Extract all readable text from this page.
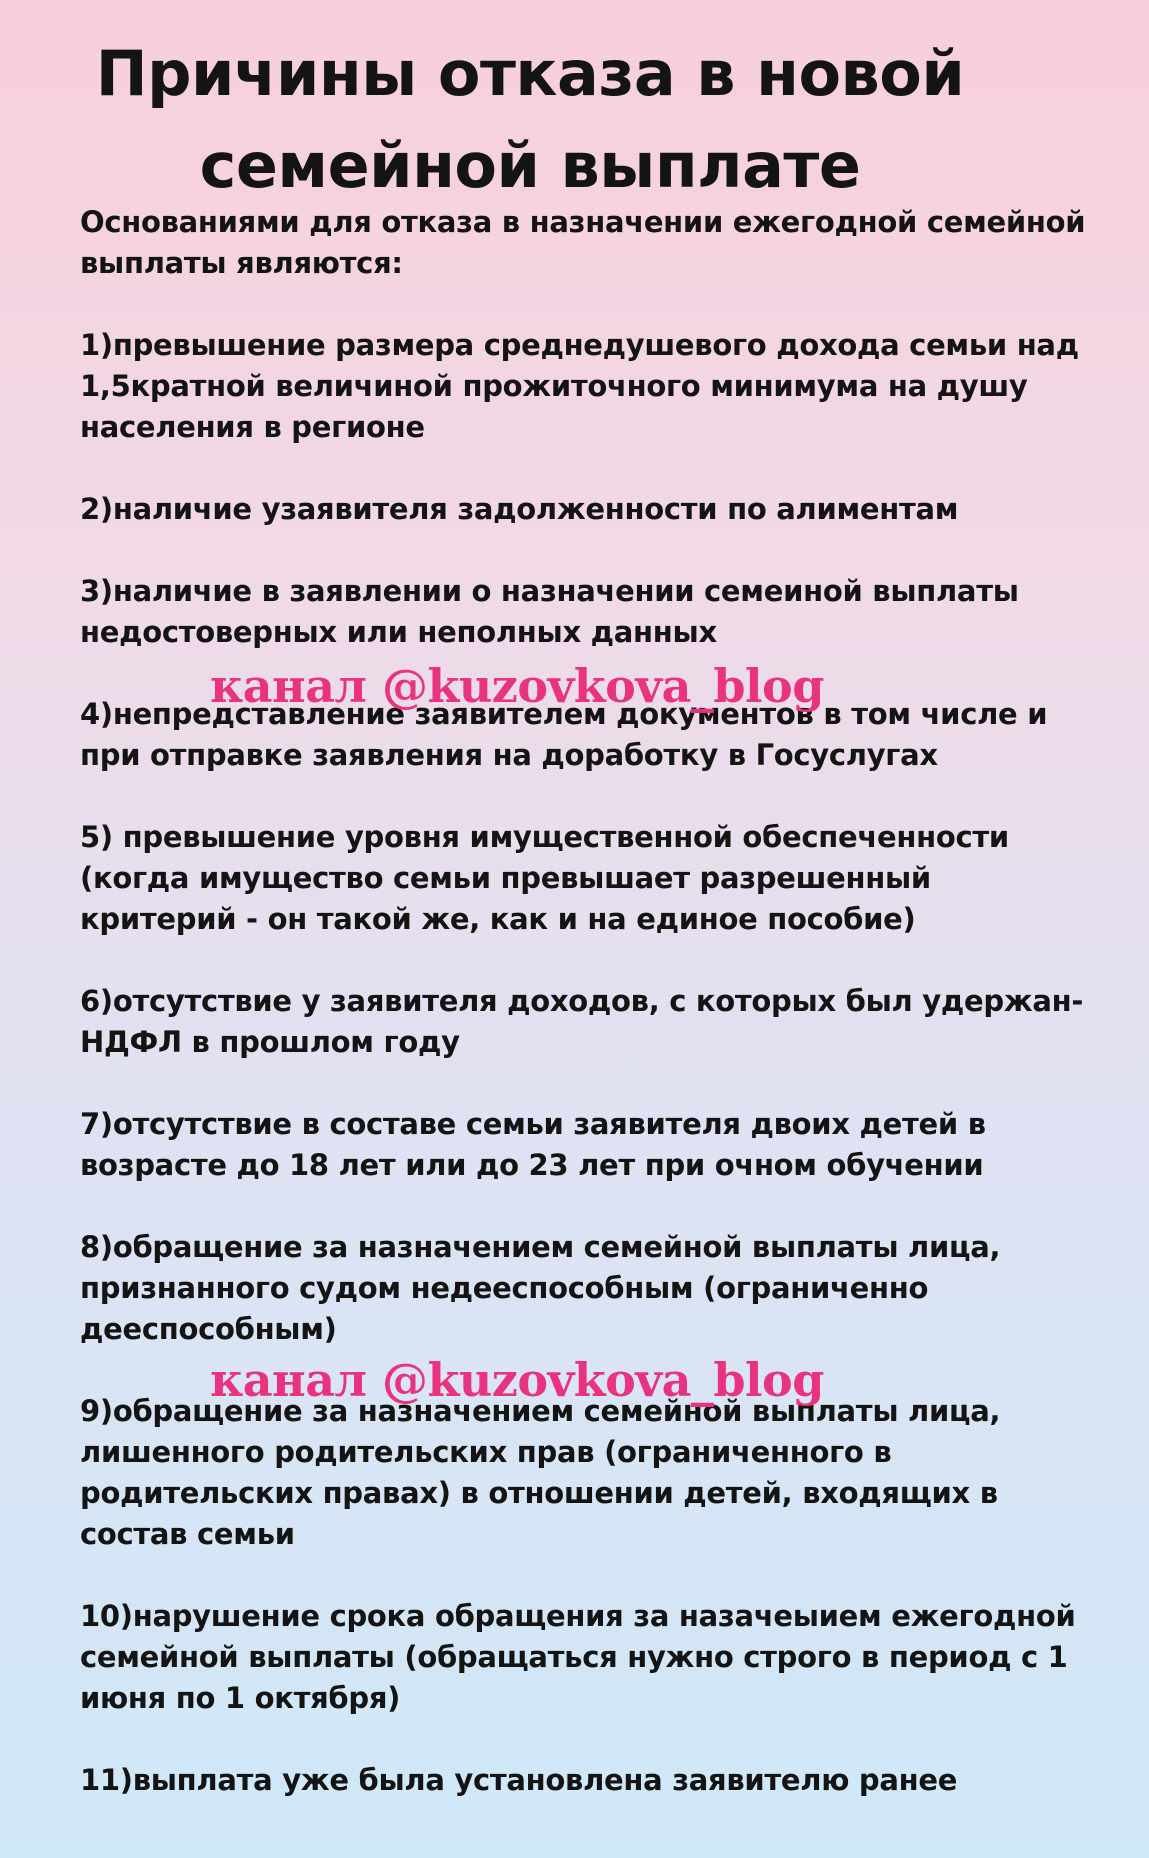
Причины отказа в новой
семейной выплате

Основаниями для отказа в назначении ежегодной семейной выплаты являются:

1)превышение размера среднедушевого дохода семьи над 1,5кратной величиной прожиточного минимума на душу населения в регионе

2)наличие узаявителя задолженности по алиментам

3)наличие в заявлении о назначении семеиной выплаты недостоверных или неполных данных

4)непредставление заявителем документов в том числе и при отправке заявления на доработку в Госуслугах

5) превышение уровня имущественной обеспеченности (когда имущество семьи превышает разрешенный критерий - он такой же, как и на единое пособие)

6)отсутствие у заявителя доходов, с которых был удержан-НДФЛ в прошлом году

7)отсутствие в составе семьи заявителя двоих детей в возрасте до 18 лет или до 23 лет при очном обучении

8)обращение за назначением семейной выплаты лица, признанного судом недееспособным (ограниченно дееспособным)

9)обращение за назначением семейной выплаты лица, лишенного родительских прав (ограниченного в родительских правах) в отношении детей, входящих в состав семьи

10)нарушение срока обращения за назачеыием ежегодной семейной выплаты (обращаться нужно строго в период с 1 июня по 1 октября)

11)выплата уже была установлена заявителю ранее

канал @kuzovkova_blog
канал @kuzovkova_blog
